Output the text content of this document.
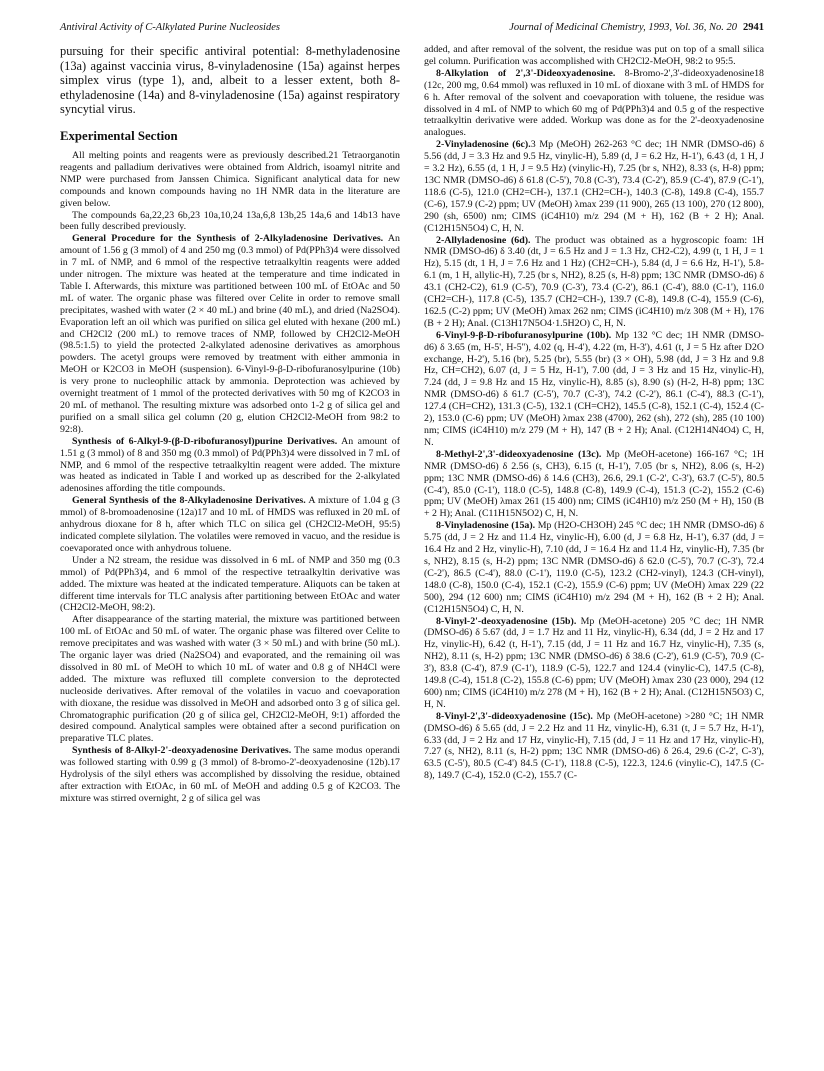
Antiviral Activity of C-Alkylated Purine Nucleosides	Journal of Medicinal Chemistry, 1993, Vol. 36, No. 20 2941

pursuing for their specific antiviral potential: 8-methyladenosine (13a) against vaccinia virus, 8-vinyladenosine (15a) against herpes simplex virus (type 1), and, albeit to a lesser extent, both 8-ethyladenosine (14a) and 8-vinyladenosine (15a) against respiratory syncytial virus.

Experimental Section

All melting points and reagents were as previously described.21 Tetraorganotin reagents and palladium derivatives were obtained from Aldrich, isoamyl nitrite and NMP were purchased from Janssen Chimica. Significant analytical data for new compounds and known compounds having no 1H NMR data in the literature are given below.

The compounds 6a,22,23 6b,23 10a,10,24 13a,6,8 13b,25 14a,6 and 14b13 have been fully described previously.

General Procedure for the Synthesis of 2-Alkyladenosine Derivatives. An amount of 1.56 g (3 mmol) of 4 and 250 mg (0.3 mmol) of Pd(PPh3)4 were dissolved in 7 mL of NMP, and 6 mmol of the respective tetraalkyltin reagents were added under nitrogen. The mixture was heated at the temperature and time indicated in Table I. Afterwards, this mixture was partitioned between 100 mL of EtOAc and 50 mL of water. The organic phase was filtered over Celite in order to remove small precipitates, washed with water (2 × 40 mL) and brine (40 mL), and dried (Na2SO4). Evaporation left an oil which was purified on silica gel eluted with hexane (200 mL) and CH2Cl2 (200 mL) to remove traces of NMP, followed by CH2Cl2-MeOH (98.5:1.5) to yield the protected 2-alkylated adenosine derivatives as amorphous powders. The acetyl groups were removed by treatment with either ammonia in MeOH or K2CO3 in MeOH (suspension). 6-Vinyl-9-β-D-ribofuranosylpurine (10b) is very prone to nucleophilic attack by ammonia. Deprotection was achieved by overnight treatment of 1 mmol of the protected derivatives with 50 mg of K2CO3 in 20 mL of methanol. The resulting mixture was adsorbed onto 1-2 g of silica gel and purified on a small silica gel column (20 g, elution CH2Cl2-MeOH from 98:2 to 92:8).

Synthesis of 6-Alkyl-9-(β-D-ribofuranosyl)purine Derivatives. An amount of 1.51 g (3 mmol) of 8 and 350 mg (0.3 mmol) of Pd(PPh3)4 were dissolved in 7 mL of NMP, and 6 mmol of the respective tetraalkyltin reagent were added. The mixture was heated as indicated in Table I and worked up as described for the 2-alkylated adenosines affording the title compounds.

General Synthesis of the 8-Alkyladenosine Derivatives. A mixture of 1.04 g (3 mmol) of 8-bromoadenosine (12a)17 and 10 mL of HMDS was refluxed in 20 mL of anhydrous dioxane for 8 h, after which TLC on silica gel (CH2Cl2-MeOH, 95:5) indicated complete silylation. The volatiles were removed in vacuo, and the residue is coevaporated once with anhydrous toluene.

Under a N2 stream, the residue was dissolved in 6 mL of NMP and 350 mg (0.3 mmol) of Pd(PPh3)4, and 6 mmol of the respective tetraalkyltin derivative was added. The mixture was heated at the indicated temperature. Aliquots can be taken at different time intervals for TLC analysis after partitioning between EtOAc and water (CH2Cl2-MeOH, 98:2).

After disappearance of the starting material, the mixture was partitioned between 100 mL of EtOAc and 50 mL of water. The organic phase was filtered over Celite to remove precipitates and was washed with water (3 × 50 mL) and with brine (50 mL). The organic layer was dried (Na2SO4) and evaporated, and the remaining oil was dissolved in 80 mL of MeOH to which 10 mL of water and 0.8 g of NH4Cl were added. The mixture was refluxed till complete conversion to the deprotected nucleoside derivatives. After removal of the volatiles in vacuo and coevaporation with dioxane, the residue was dissolved in MeOH and adsorbed onto 3 g of silica gel. Chromatographic purification (20 g of silica gel, CH2Cl2-MeOH, 9:1) afforded the desired compound. Analytical samples were obtained after a second purification on preparative TLC plates.

Synthesis of 8-Alkyl-2'-deoxyadenosine Derivatives. The same modus operandi was followed starting with 0.99 g (3 mmol) of 8-bromo-2'-deoxyadenosine (12b).17 Hydrolysis of the silyl ethers was accomplished by dissolving the residue, obtained after extraction with EtOAc, in 60 mL of MeOH and adding 0.5 g of K2CO3. The mixture was stirred overnight, 2 g of silica gel was

added, and after removal of the solvent, the residue was put on top of a small silica gel column. Purification was accomplished with CH2Cl2-MeOH, 98:2 to 95:5.

8-Alkylation of 2',3'-Dideoxyadenosine. 8-Bromo-2',3'-dideoxyadenosine18 (12c, 200 mg, 0.64 mmol) was refluxed in 10 mL of dioxane with 3 mL of HMDS for 6 h. After removal of the solvent and coevaporation with toluene, the residue was dissolved in 4 mL of NMP to which 60 mg of Pd(PPh3)4 and 0.5 g of the respective tetraalkyltin derivative were added. Workup was done as for the 2'-deoxyadenosine analogues.

2-Vinyladenosine (6c).3 Mp (MeOH) 262-263 °C dec; 1H NMR (DMSO-d6) δ 5.56 (dd, J = 3.3 Hz and 9.5 Hz, vinylic-H), 5.89 (d, J = 6.2 Hz, H-1'), 6.43 (d, 1 H, J = 3.2 Hz), 6.55 (d, 1 H, J = 9.5 Hz) (vinylic-H), 7.25 (br s, NH2), 8.33 (s, H-8) ppm; 13C NMR (DMSO-d6) δ 61.8 (C-5'), 70.8 (C-3'), 73.4 (C-2'), 85.9 (C-4'), 87.9 (C-1'), 118.6 (C-5), 121.0 (CH2=CH-), 137.1 (CH2=CH-), 140.3 (C-8), 149.8 (C-4), 155.7 (C-6), 157.9 (C-2) ppm; UV (MeOH) λmax 239 (11 900), 265 (13 100), 270 (12 800), 290 (sh, 6500) nm; CIMS (iC4H10) m/z 294 (M + H), 162 (B + 2 H); Anal. (C12H15N5O4) C, H, N.

2-Allyladenosine (6d). The product was obtained as a hygroscopic foam: 1H NMR (DMSO-d6) δ 3.40 (dt, J = 6.5 Hz and J = 1.3 Hz, CH2-C2), 4.99 (t, 1 H, J = 1 Hz), 5.15 (dt, 1 H, J = 7.6 Hz and 1 Hz) (CH2=CH-), 5.84 (d, J = 6.6 Hz, H-1'), 5.8-6.1 (m, 1 H, allylic-H), 7.25 (br s, NH2), 8.25 (s, H-8) ppm; 13C NMR (DMSO-d6) δ 43.1 (CH2-C2), 61.9 (C-5'), 70.9 (C-3'), 73.4 (C-2'), 86.1 (C-4'), 88.0 (C-1'), 116.0 (CH2=CH-), 117.8 (C-5), 135.7 (CH2=CH-), 139.7 (C-8), 149.8 (C-4), 155.9 (C-6), 162.5 (C-2) ppm; UV (MeOH) λmax 262 nm; CIMS (iC4H10) m/z 308 (M + H), 176 (B + 2 H); Anal. (C13H17N5O4·1.5H2O) C, H, N.

6-Vinyl-9-β-D-ribofuranosylpurine (10b). Mp 132 °C dec; 1H NMR (DMSO-d6) δ 3.65 (m, H-5', H-5''), 4.02 (q, H-4'), 4.22 (m, H-3'), 4.61 (t, J = 5 Hz after D2O exchange, H-2'), 5.16 (br), 5.25 (br), 5.55 (br) (3 × OH), 5.98 (dd, J = 3 Hz and 9.8 Hz, CH=CH2), 6.07 (d, J = 5 Hz, H-1'), 7.00 (dd, J = 3 Hz and 15 Hz, vinylic-H), 7.24 (dd, J = 9.8 Hz and 15 Hz, vinylic-H), 8.85 (s), 8.90 (s) (H-2, H-8) ppm; 13C NMR (DMSO-d6) δ 61.7 (C-5'), 70.7 (C-3'), 74.2 (C-2'), 86.1 (C-4'), 88.3 (C-1'), 127.4 (CH=CH2), 131.3 (C-5), 132.1 (CH=CH2), 145.5 (C-8), 152.1 (C-4), 152.4 (C-2), 153.0 (C-6) ppm; UV (MeOH) λmax 238 (4700), 262 (sh), 272 (sh), 285 (10 100) nm; CIMS (iC4H10) m/z 279 (M + H), 147 (B + 2 H); Anal. (C12H14N4O4) C, H, N.

8-Methyl-2',3'-dideoxyadenosine (13c). Mp (MeOH-acetone) 166-167 °C; 1H NMR (DMSO-d6) δ 2.56 (s, CH3), 6.15 (t, H-1'), 7.05 (br s, NH2), 8.06 (s, H-2) ppm; 13C NMR (DMSO-d6) δ 14.6 (CH3), 26.6, 29.1 (C-2', C-3'), 63.7 (C-5'), 80.5 (C-4'), 85.0 (C-1'), 118.0 (C-5), 148.8 (C-8), 149.9 (C-4), 151.3 (C-2), 155.2 (C-6) ppm; UV (MeOH) λmax 261 (15 400) nm; CIMS (iC4H10) m/z 250 (M + H), 150 (B + 2 H); Anal. (C11H15N5O2) C, H, N.

8-Vinyladenosine (15a). Mp (H2O-CH3OH) 245 °C dec; 1H NMR (DMSO-d6) δ 5.75 (dd, J = 2 Hz and 11.4 Hz, vinylic-H), 6.00 (d, J = 6.8 Hz, H-1'), 6.37 (dd, J = 16.4 Hz and 2 Hz, vinylic-H), 7.10 (dd, J = 16.4 Hz and 11.4 Hz, vinylic-H), 7.35 (br s, NH2), 8.15 (s, H-2) ppm; 13C NMR (DMSO-d6) δ 62.0 (C-5'), 70.7 (C-3'), 72.4 (C-2'), 86.5 (C-4'), 88.0 (C-1'), 119.0 (C-5), 123.2 (CH2-vinyl), 124.3 (CH-vinyl), 148.0 (C-8), 150.0 (C-4), 152.1 (C-2), 155.9 (C-6) ppm; UV (MeOH) λmax 229 (22 500), 294 (12 600) nm; CIMS (iC4H10) m/z 294 (M + H), 162 (B + 2 H); Anal. (C12H15N5O4) C, H, N.

8-Vinyl-2'-deoxyadenosine (15b). Mp (MeOH-acetone) 205 °C dec; 1H NMR (DMSO-d6) δ 5.67 (dd, J = 1.7 Hz and 11 Hz, vinylic-H), 6.34 (dd, J = 2 Hz and 17 Hz, vinylic-H), 6.42 (t, H-1'), 7.15 (dd, J = 11 Hz and 16.7 Hz, vinylic-H), 7.35 (s, NH2), 8.11 (s, H-2) ppm; 13C NMR (DMSO-d6) δ 38.6 (C-2'), 61.9 (C-5'), 70.9 (C-3'), 83.8 (C-4'), 87.9 (C-1'), 118.9 (C-5), 122.7 and 124.4 (vinylic-C), 147.5 (C-8), 149.8 (C-4), 151.8 (C-2), 155.8 (C-6) ppm; UV (MeOH) λmax 230 (23 000), 294 (12 600) nm; CIMS (iC4H10) m/z 278 (M + H), 162 (B + 2 H); Anal. (C12H15N5O3) C, H, N.

8-Vinyl-2',3'-dideoxyadenosine (15c). Mp (MeOH-acetone) >280 °C; 1H NMR (DMSO-d6) δ 5.65 (dd, J = 2.2 Hz and 11 Hz, vinylic-H), 6.31 (t, J = 5.7 Hz, H-1'), 6.33 (dd, J = 2 Hz and 17 Hz, vinylic-H), 7.15 (dd, J = 11 Hz and 17 Hz, vinylic-H), 7.27 (s, NH2), 8.11 (s, H-2) ppm; 13C NMR (DMSO-d6) δ 26.4, 29.6 (C-2', C-3'), 63.5 (C-5'), 80.5 (C-4') 84.5 (C-1'), 118.8 (C-5), 122.3, 124.6 (vinylic-C), 147.5 (C-8), 149.7 (C-4), 152.0 (C-2), 155.7 (C-
